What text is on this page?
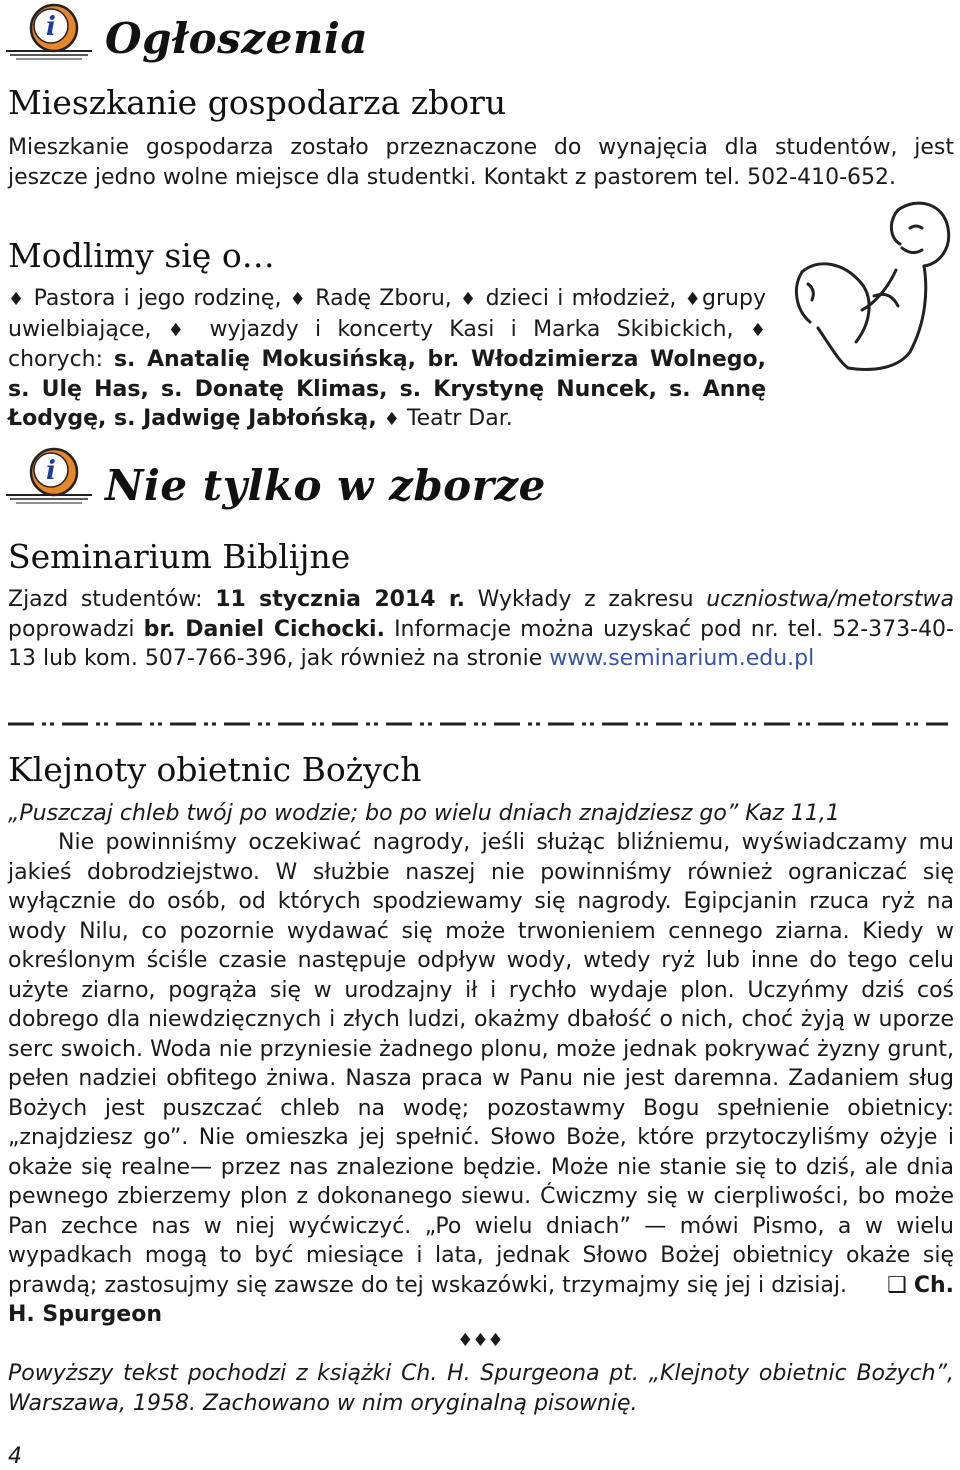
i Ogłoszenia
Mieszkanie gospodarza zboru
Mieszkanie gospodarza zostało przeznaczone do wynajęcia dla studentów, jest jeszcze jedno wolne miejsce dla studentki. Kontakt z pastorem tel. 502-410-652.
Modlimy się o…
♦ Pastora i jego rodzinę, ♦ Radę Zboru, ♦ dzieci i młodzież, ♦grupy uwielbiające, ♦ wyjazdy i koncerty Kasi i Marka Skibickich, ♦ chorych: s. Anatalię Mokusińską, br. Włodzimierza Wolnego, s. Ulę Has, s. Donatę Klimas, s. Krystynę Nuncek, s. Annę Łodygę, s. Jadwigę Jabłońską, ♦ Teatr Dar.
i Nie tylko w zborze
Seminarium Biblijne
Zjazd studentów: 11 stycznia 2014 r. Wykłady z zakresu uczniostwa/metorstwa poprowadzi br. Daniel Cichocki. Informacje można uzyskać pod nr. tel. 52-373-40-13 lub kom. 507-766-396, jak również na stronie www.seminarium.edu.pl
Klejnoty obietnic Bożych
„Puszczaj chleb twój po wodzie; bo po wielu dniach znajdziesz go” Kaz 11,1
Nie powinniśmy oczekiwać nagrody, jeśli służąc bliźniemu, wyświadczamy mu jakieś dobrodziejstwo. W służbie naszej nie powinniśmy również ograniczać się wyłącznie do osób, od których spodziewamy się nagrody. Egipcjanin rzuca ryż na wody Nilu, co pozornie wydawać się może trwonieniem cennego ziarna. Kiedy w określonym ściśle czasie następuje odpływ wody, wtedy ryż lub inne do tego celu użyte ziarno, pogrąża się w urodzajny ił i rychło wydaje plon. Uczyńmy dziś coś dobrego dla niewdzięcznych i złych ludzi, okażmy dbałość o nich, choć żyją w uporze serc swoich. Woda nie przyniesie żadnego plonu, może jednak pokrywać żyzny grunt, pełen nadziei obfitego żniwa. Nasza praca w Panu nie jest daremna. Zadaniem sług Bożych jest puszczać chleb na wodę; pozostawmy Bogu spełnienie obietnicy: „znajdziesz go”. Nie omieszka jej spełnić. Słowo Boże, które przytoczyliśmy ożyje i okaże się realne— przez nas znalezione będzie. Może nie stanie się to dziś, ale dnia pewnego zbierzemy plon z dokonanego siewu. Ćwiczmy się w cierpliwości, bo może Pan zechce nas w niej wyćwiczyć. „Po wielu dniach” — mówi Pismo, a w wielu wypadkach mogą to być miesiące i lata, jednak Słowo Bożej obietnicy okaże się prawdą; zastosujmy się zawsze do tej wskazówki, trzymajmy się jej i dzisiaj. ❑ Ch. H. Spurgeon
♦♦♦
Powyższy tekst pochodzi z książki Ch. H. Spurgeona pt. „Klejnoty obietnic Bożych”, Warszawa, 1958. Zachowano w nim oryginalną pisownię.
4
